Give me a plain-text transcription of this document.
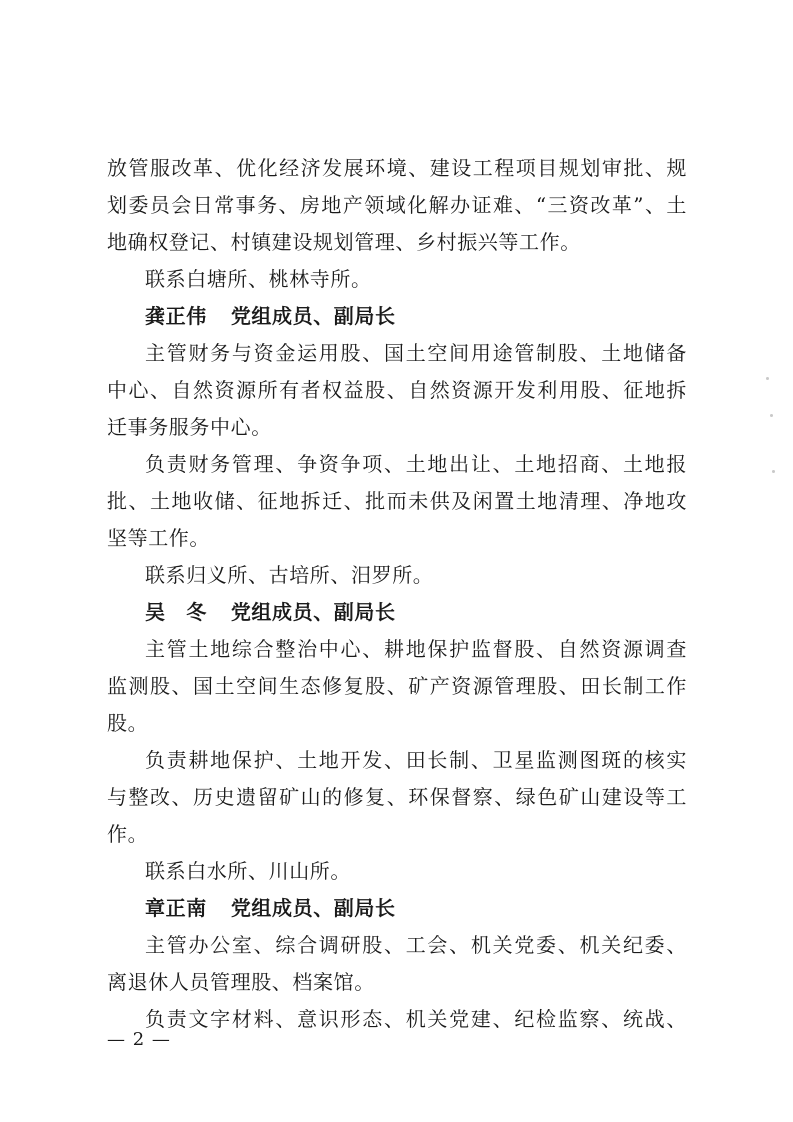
放管服改革、优化经济发展环境、建设工程项目规划审批、规
划委员会日常事务、房地产领域化解办证难、“三资改革”、土
地确权登记、村镇建设规划管理、乡村振兴等工作。
联系白塘所、桃林寺所。
龚正伟 党组成员、副局长
主管财务与资金运用股、国土空间用途管制股、土地储备
中心、自然资源所有者权益股、自然资源开发利用股、征地拆
迁事务服务中心。
负责财务管理、争资争项、土地出让、土地招商、土地报
批、土地收储、征地拆迁、批而未供及闲置土地清理、净地攻
坚等工作。
联系归义所、古培所、汨罗所。
吴　冬 党组成员、副局长
主管土地综合整治中心、耕地保护监督股、自然资源调查
监测股、国土空间生态修复股、矿产资源管理股、田长制工作
股。
负责耕地保护、土地开发、田长制、卫星监测图斑的核实
与整改、历史遗留矿山的修复、环保督察、绿色矿山建设等工
作。
联系白水所、川山所。
章正南 党组成员、副局长
主管办公室、综合调研股、工会、机关党委、机关纪委、
离退休人员管理股、档案馆。
负责文字材料、意识形态、机关党建、纪检监察、统战、
— 2 —
